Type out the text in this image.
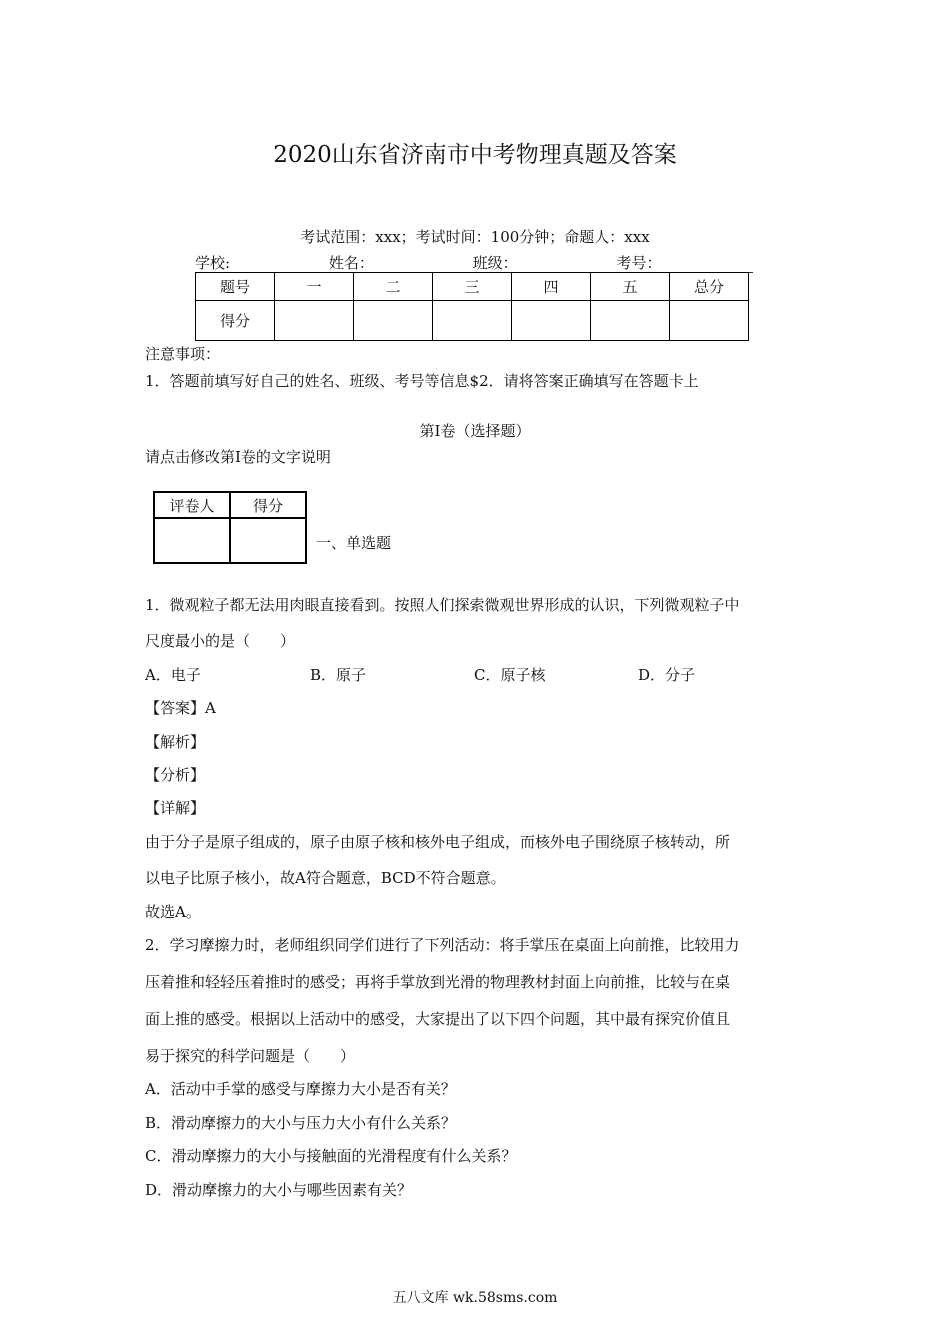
2020山东省济南市中考物理真题及答案
考试范围：xxx；考试时间：100分钟；命题人：xxx
学校:	姓名：	班级：	考号：
题号	一	二	三	四	五	总分
得分						
注意事项：
1．答题前填写好自己的姓名、班级、考号等信息$2．请将答案正确填写在答题卡上
第I卷（选择题）
请点击修改第I卷的文字说明
评卷人	得分

一、单选题
1．微观粒子都无法用肉眼直接看到。按照人们探索微观世界形成的认识，下列微观粒子中
尺度最小的是（　　）
A．电子	B．原子	C．原子核	D．分子
【答案】A
【解析】
【分析】
【详解】
由于分子是原子组成的，原子由原子核和核外电子组成，而核外电子围绕原子核转动，所
以电子比原子核小，故A符合题意，BCD不符合题意。
故选A。
2．学习摩擦力时，老师组织同学们进行了下列活动：将手掌压在桌面上向前推，比较用力
压着推和轻轻压着推时的感受；再将手掌放到光滑的物理教材封面上向前推，比较与在桌
面上推的感受。根据以上活动中的感受，大家提出了以下四个问题，其中最有探究价值且
易于探究的科学问题是（　　）
A．活动中手掌的感受与摩擦力大小是否有关？
B．滑动摩擦力的大小与压力大小有什么关系？
C．滑动摩擦力的大小与接触面的光滑程度有什么关系？
D．滑动摩擦力的大小与哪些因素有关？
五八文库 wk.58sms.com
